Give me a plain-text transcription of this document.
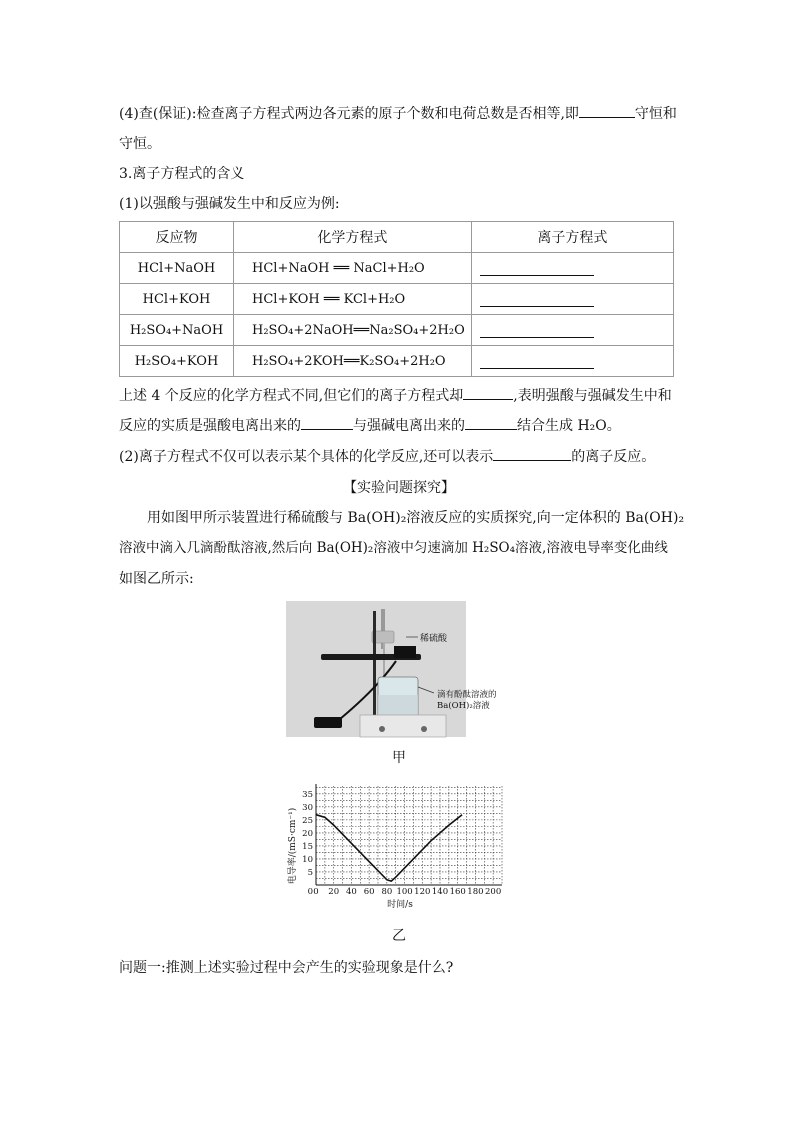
(4)查(保证):检查离子方程式两边各元素的原子个数和电荷总数是否相等,即	守恒和
守恒。
3.离子方程式的含义
(1)以强酸与强碱发生中和反应为例:
反应物	化学方程式	离子方程式
HCl+NaOH	HCl+NaOH ══ NaCl+H₂O	
HCl+KOH	HCl+KOH ══ KCl+H₂O	
H₂SO₄+NaOH	H₂SO₄+2NaOH══Na₂SO₄+2H₂O	
H₂SO₄+KOH	H₂SO₄+2KOH══K₂SO₄+2H₂O	
上述 4 个反应的化学方程式不同,但它们的离子方程式却	,表明强酸与强碱发生中和
反应的实质是强酸电离出来的	与强碱电离出来的	结合生成 H₂O。
(2)离子方程式不仅可以表示某个具体的化学反应,还可以表示	的离子反应。
【实验问题探究】
用如图甲所示装置进行稀硫酸与 Ba(OH)₂溶液反应的实质探究,向一定体积的 Ba(OH)₂
溶液中滴入几滴酚酞溶液,然后向 Ba(OH)₂溶液中匀速滴加 H₂SO₄溶液,溶液电导率变化曲线
如图乙所示:
稀硫酸
滴有酚酞溶液的
Ba(OH)₂溶液
甲
0 20 40 60 80 100 120 140 160 180 200
5
10
15
20
25
30
35
0
电导率/(mS·cm⁻¹)
时间/s
乙
问题一:推测上述实验过程中会产生的实验现象是什么?
